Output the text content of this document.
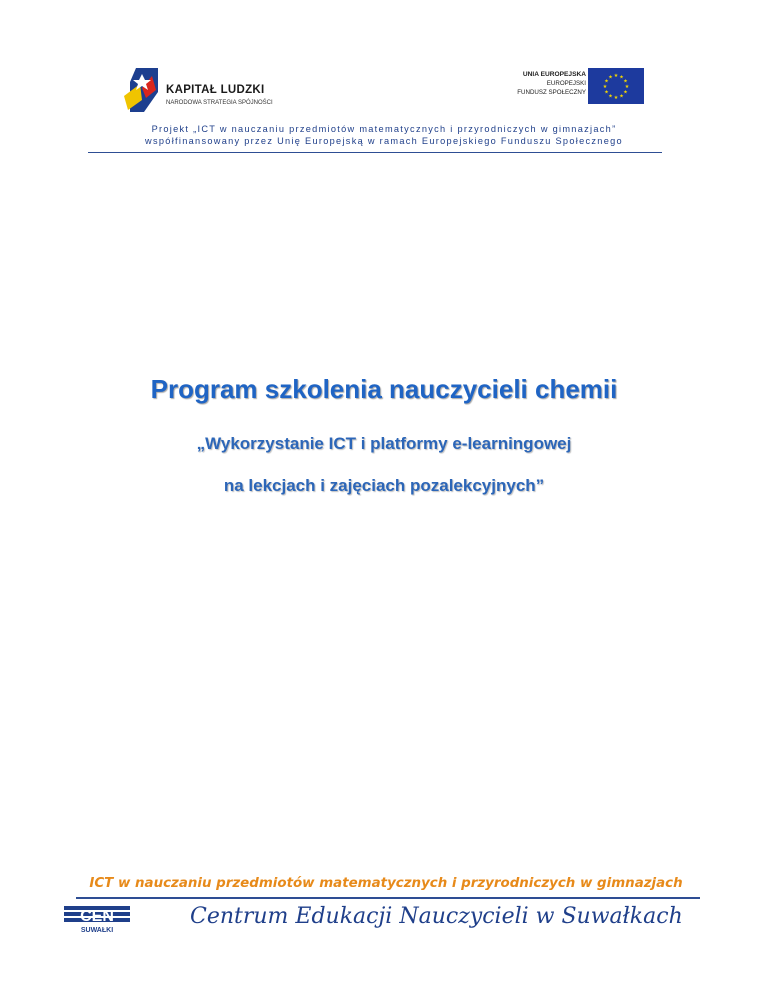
KAPITAŁ LUDZKI
NARODOWA STRATEGIA SPÓJNOŚCI
UNIA EUROPEJSKA
EUROPEJSKI
FUNDUSZ SPOŁECZNY
★ ★
★
★
★
★
★
★
★
★
★
★
Projekt „ICT w nauczaniu przedmiotów matematycznych i przyrodniczych w gimnazjach”
współfinansowany przez Unię Europejską w ramach Europejskiego Funduszu Społecznego
Program szkolenia nauczycieli chemii
„Wykorzystanie ICT i platformy e-learningowej
na lekcjach i zajęciach pozalekcyjnych”
ICT w nauczaniu przedmiotów matematycznych i przyrodniczych w gimnazjach
CEN
SUWAŁKI
Centrum Edukacji Nauczycieli w Suwałkach
